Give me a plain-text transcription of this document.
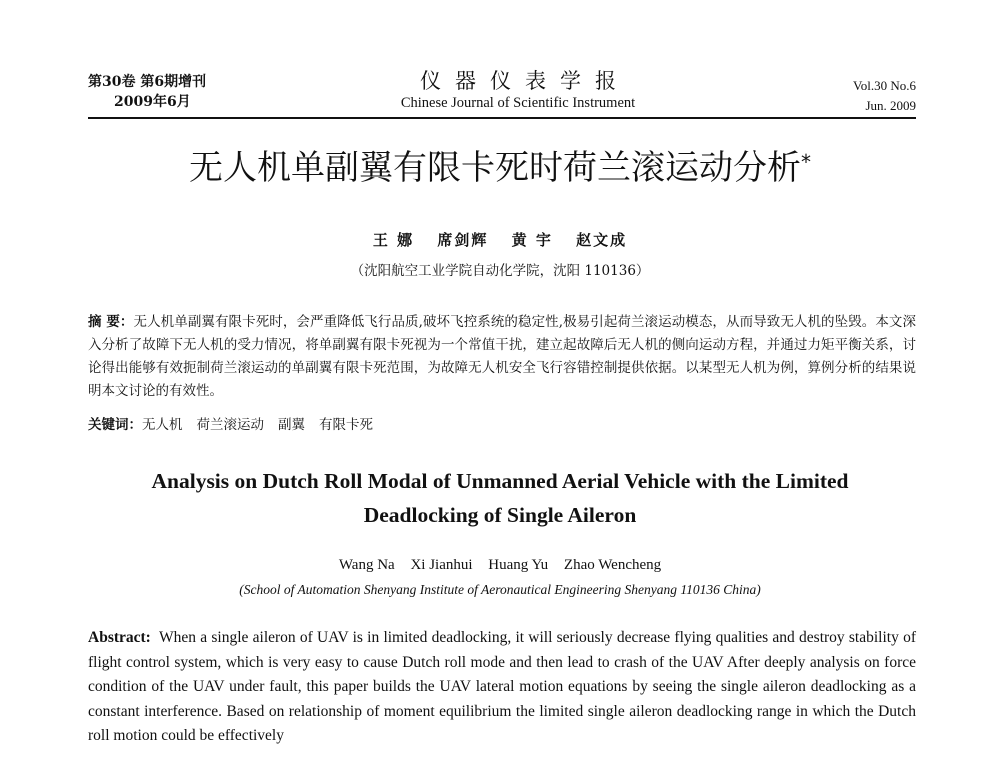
第30卷 第6期增刊
2009年6月
仪器仪表学报
Chinese Journal of Scientific Instrument
Vol.30 No.6
Jun. 2009
无人机单副翼有限卡死时荷兰滚运动分析*
王 娜 席剑辉 黄 宇 赵文成
（沈阳航空工业学院自动化学院，沈阳 110136）
摘 要：无人机单副翼有限卡死时，会严重降低飞行品质,破坏飞控系统的稳定性,极易引起荷兰滚运动模态，从而导致无人机的坠毁。本文深入分析了故障下无人机的受力情况，将单副翼有限卡死视为一个常值干扰，建立起故障后无人机的侧向运动方程，并通过力矩平衡关系，讨论得出能够有效扼制荷兰滚运动的单副翼有限卡死范围，为故障无人机安全飞行容错控制提供依据。以某型无人机为例，算例分析的结果说明本文讨论的有效性。
关键词：无人机 荷兰滚运动 副翼 有限卡死
Analysis on Dutch Roll Modal of Unmanned Aerial Vehicle with the Limited
Deadlocking of Single Aileron
Wang Na Xi Jianhui Huang Yu Zhao Wencheng
(School of Automation Shenyang Institute of Aeronautical Engineering Shenyang 110136 China)
Abstract: When a single aileron of UAV is in limited deadlocking, it will seriously decrease flying qualities and destroy stability of flight control system, which is very easy to cause Dutch roll mode and then lead to crash of the UAV After deeply analysis on force condition of the UAV under fault, this paper builds the UAV lateral motion equations by seeing the single aileron deadlocking as a constant interference. Based on relationship of moment equilibrium the limited single aileron deadlocking range in which the Dutch roll motion could be effectively
